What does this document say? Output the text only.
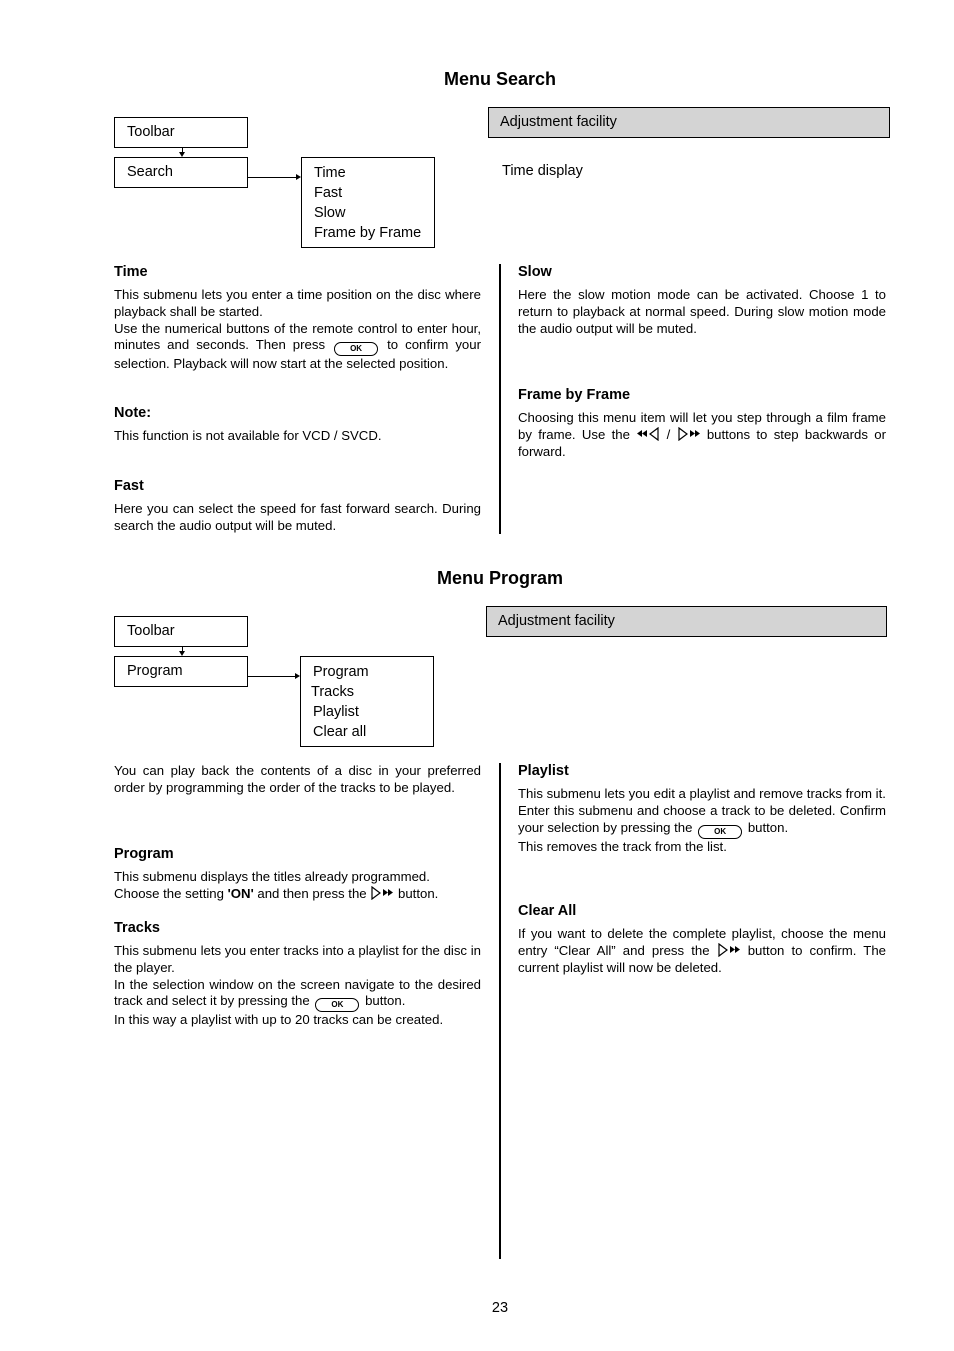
Menu Search
Toolbar
Search	Time
Fast
Slow
Frame by Frame
Adjustment facility
Time display
Time
This submenu lets you enter a time position on the disc where playback shall be started.
Use the numerical buttons of the remote control to enter hour, minutes and seconds. Then press	OK to confirm your selection. Playback will now start at the selected position.
Note:
This function is not available for VCD / SVCD.
Fast
Here you can select the speed for fast forward search. During search the audio output will be muted.
Slow
Here the slow motion mode can be activated. Choose 1 to return to playback at normal speed. During slow motion mode the audio output will be muted.
Frame by Frame
Choosing this menu item will let you step through a film frame by frame. Use the	/	buttons to step backwards or forward.
Menu Program
Toolbar
Program	Program
Tracks
Playlist
Clear all
Adjustment facility
You can play back the contents of a disc in your preferred order by programming the order of the tracks to be played.
Program
This submenu displays the titles already programmed.
Choose the setting 'ON' and then press the button.
Tracks
This submenu lets you enter tracks into a playlist for the disc in the player.
In the selection window on the screen navigate to the desired track and select it by pressing the	OK button.
In this way a playlist with up to 20 tracks can be created.
Playlist
This submenu lets you edit a playlist and remove tracks from it.
Enter this submenu and choose a track to be deleted. Confirm your selection by pressing the	OK button.
This removes the track from the list.
Clear All
If you want to delete the complete playlist, choose the menu entry “Clear All” and press the	button to confirm. The current playlist will now be deleted.
23
